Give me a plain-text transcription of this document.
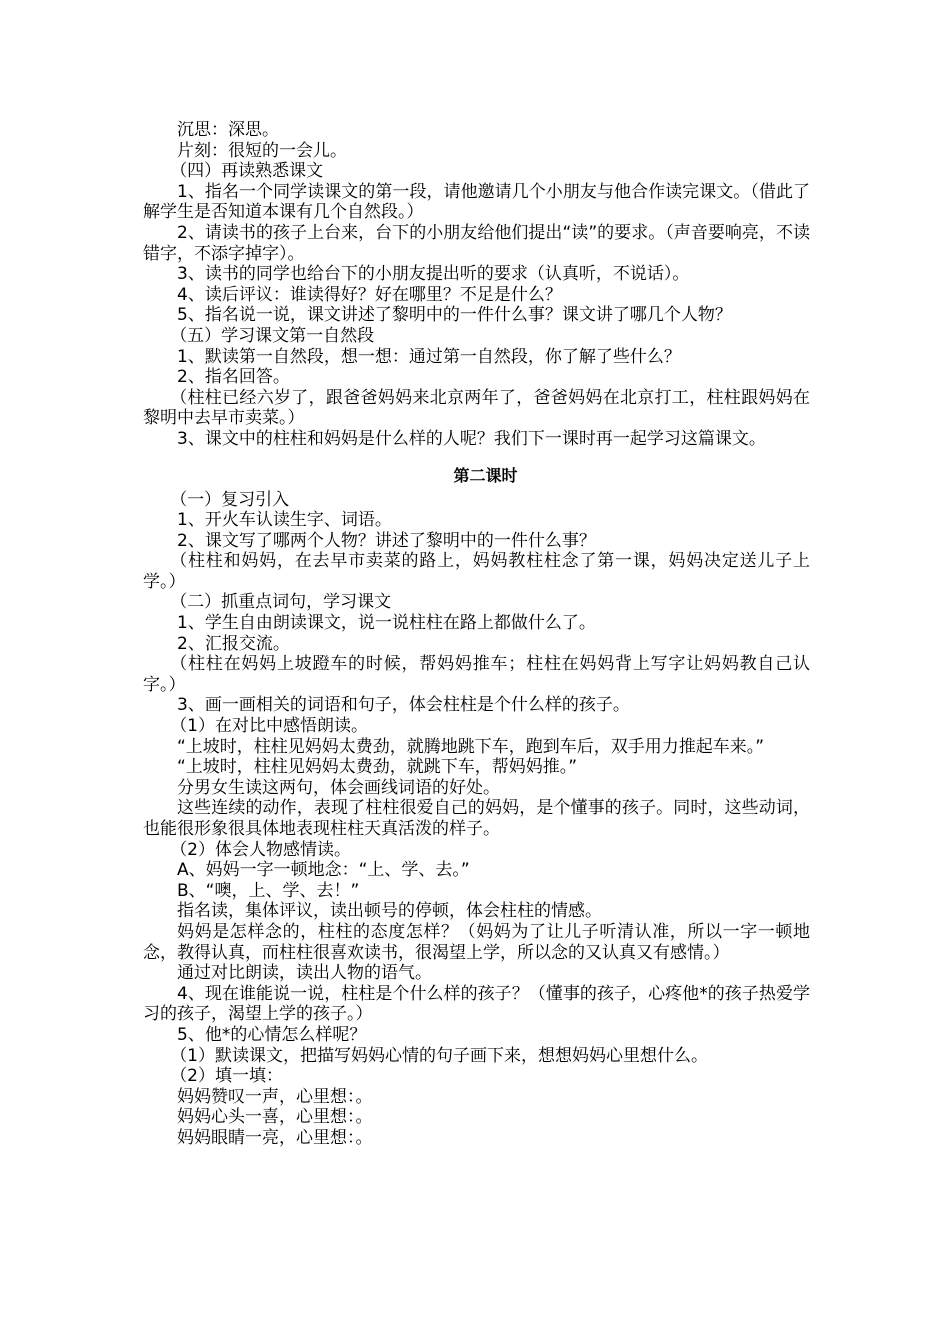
沉思：深思。

片刻：很短的一会儿。

（四）再读熟悉课文

1、指名一个同学读课文的第一段，请他邀请几个小朋友与他合作读完课文。（借此了解学生是否知道本课有几个自然段。）

2、请读书的孩子上台来，台下的小朋友给他们提出“读”的要求。（声音要响亮，不读错字，不添字掉字）。

3、读书的同学也给台下的小朋友提出听的要求（认真听，不说话）。

4、读后评议：谁读得好？好在哪里？不足是什么？

5、指名说一说，课文讲述了黎明中的一件什么事？课文讲了哪几个人物？

（五）学习课文第一自然段

1、默读第一自然段，想一想：通过第一自然段，你了解了些什么？

2、指名回答。

（柱柱已经六岁了，跟爸爸妈妈来北京两年了，爸爸妈妈在北京打工，柱柱跟妈妈在黎明中去早市卖菜。）

3、课文中的柱柱和妈妈是什么样的人呢？我们下一课时再一起学习这篇课文。

第二课时

（一）复习引入

1、开火车认读生字、词语。

2、课文写了哪两个人物？讲述了黎明中的一件什么事？

（柱柱和妈妈，在去早市卖菜的路上，妈妈教柱柱念了第一课，妈妈决定送儿子上学。）

（二）抓重点词句，学习课文

1、学生自由朗读课文，说一说柱柱在路上都做什么了。

2、汇报交流。

（柱柱在妈妈上坡蹬车的时候，帮妈妈推车；柱柱在妈妈背上写字让妈妈教自己认字。）

3、画一画相关的词语和句子，体会柱柱是个什么样的孩子。

（1）在对比中感悟朗读。

“上坡时，柱柱见妈妈太费劲，就腾地跳下车，跑到车后，双手用力推起车来。”

“上坡时，柱柱见妈妈太费劲，就跳下车，帮妈妈推。”

分男女生读这两句，体会画线词语的好处。

这些连续的动作，表现了柱柱很爱自己的妈妈，是个懂事的孩子。同时，这些动词，也能很形象很具体地表现柱柱天真活泼的样子。

（2）体会人物感情读。

A、妈妈一字一顿地念：“上、学、去。”

B、“噢，上、学、去！”

指名读，集体评议，读出顿号的停顿，体会柱柱的情感。

妈妈是怎样念的，柱柱的态度怎样？（妈妈为了让儿子听清认准，所以一字一顿地念，教得认真，而柱柱很喜欢读书，很渴望上学，所以念的又认真又有感情。）

通过对比朗读，读出人物的语气。

4、现在谁能说一说，柱柱是个什么样的孩子？（懂事的孩子，心疼他*的孩子热爱学习的孩子，渴望上学的孩子。）

5、他*的心情怎么样呢？

（1）默读课文，把描写妈妈心情的句子画下来，想想妈妈心里想什么。

（2）填一填：

妈妈赞叹一声，心里想：。

妈妈心头一喜，心里想：。

妈妈眼睛一亮，心里想：。
